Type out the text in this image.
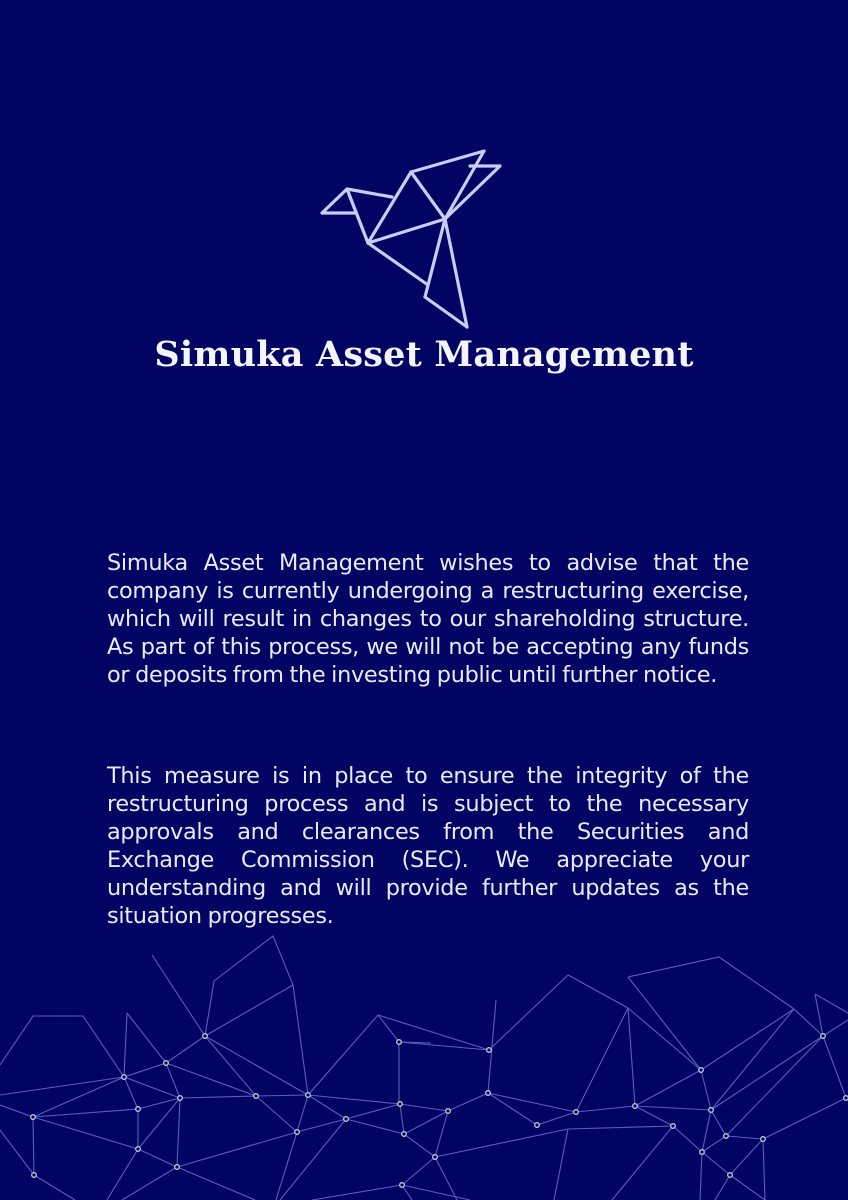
Simuka Asset Management
Simuka Asset Management wishes to advise that the company is currently undergoing a restructuring exercise, which will result in changes to our shareholding structure. As part of this process, we will not be accepting any funds or deposits from the investing public until further notice.
This measure is in place to ensure the integrity of the restructuring process and is subject to the necessary approvals and clearances from the Securities and Exchange Commission (SEC). We appreciate your understanding and will provide further updates as the situation progresses.
